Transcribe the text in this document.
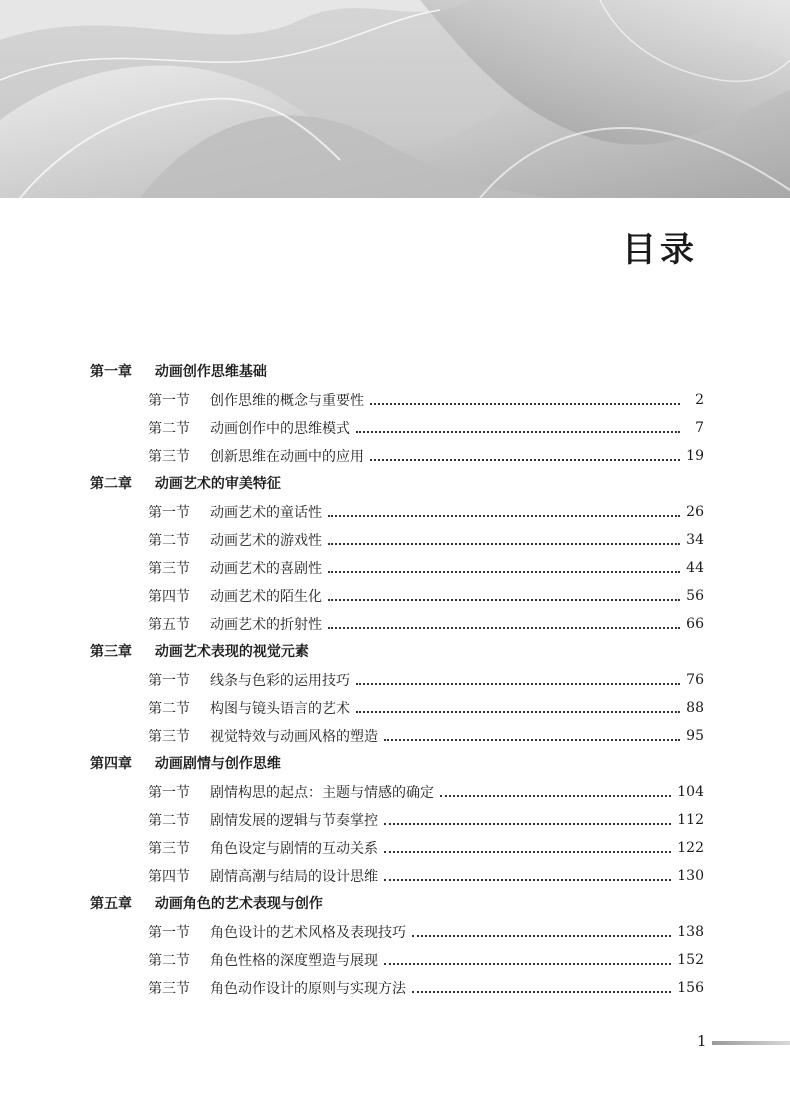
目录
第一章 动画创作思维基础
第一节	创作思维的概念与重要性	2
第二节	动画创作中的思维模式	7
第三节	创新思维在动画中的应用	19
第二章 动画艺术的审美特征
第一节	动画艺术的童话性	26
第二节	动画艺术的游戏性	34
第三节	动画艺术的喜剧性	44
第四节	动画艺术的陌生化	56
第五节	动画艺术的折射性	66
第三章 动画艺术表现的视觉元素
第一节	线条与色彩的运用技巧	76
第二节	构图与镜头语言的艺术	88
第三节	视觉特效与动画风格的塑造	95
第四章 动画剧情与创作思维
第一节	剧情构思的起点：主题与情感的确定	104
第二节	剧情发展的逻辑与节奏掌控	112
第三节	角色设定与剧情的互动关系	122
第四节	剧情高潮与结局的设计思维	130
第五章 动画角色的艺术表现与创作
第一节	角色设计的艺术风格及表现技巧	138
第二节	角色性格的深度塑造与展现	152
第三节	角色动作设计的原则与实现方法	156
1
